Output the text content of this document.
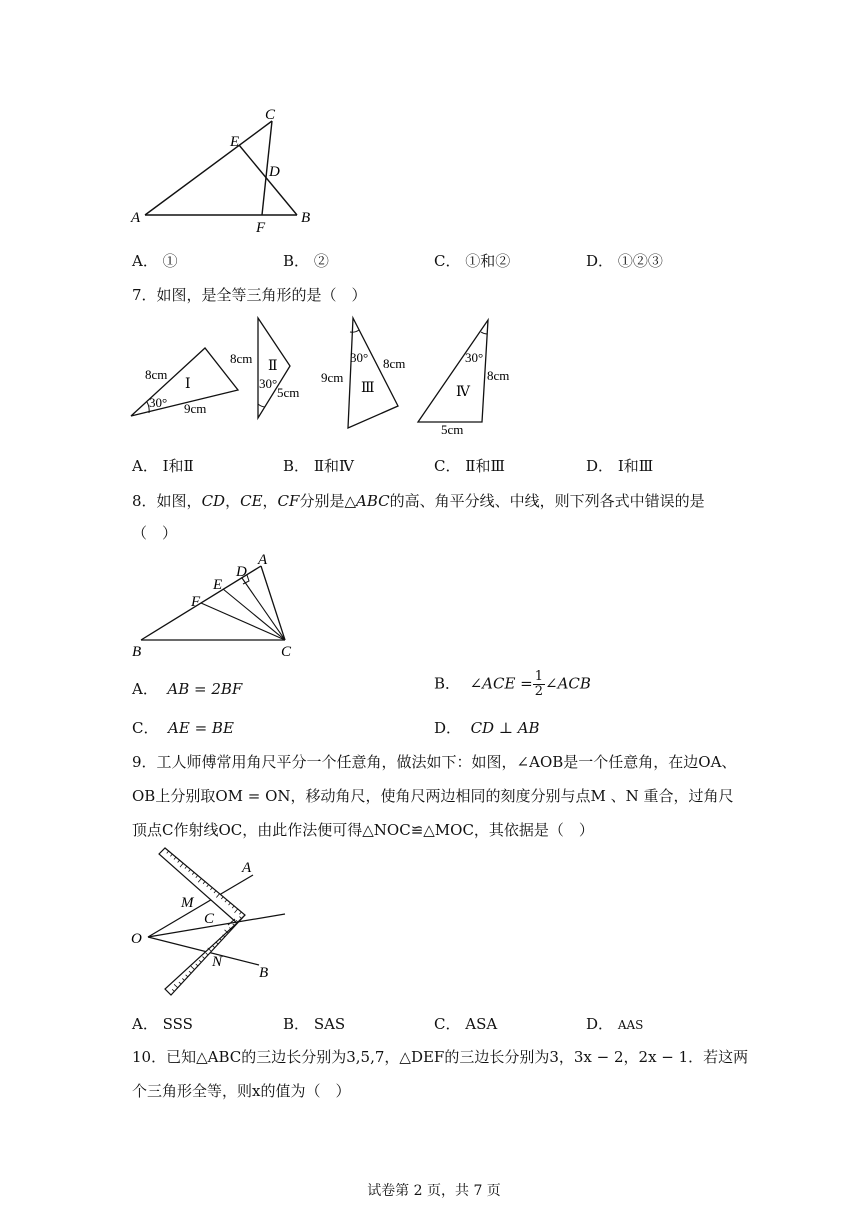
A	B
C
D
E
F
A． ①	B． ②	C． ①和②	D． ①②③
7．如图，是全等三角形的是（　）
Ⅰ
8cm
9cm
30°
Ⅱ
8cm
5cm
30°	Ⅲ
9cm
8cm
30°
Ⅳ
8cm
5cm
30°
A． Ⅰ和Ⅱ	B． Ⅱ和Ⅳ	C． Ⅱ和Ⅲ	D． Ⅰ和Ⅲ
8．如图，CD，CE，CF分别是△ABC的高、角平分线、中线，则下列各式中错误的是
（　）
A
B	C
D
E
F
A． AB = 2BF	B． ∠ACE = $\frac{1}{2}$ ∠ACB
C． AE = BE	D． CD ⊥ AB
9．工人师傅常用角尺平分一个任意角，做法如下：如图，∠AOB是一个任意角，在边OA、
OB上分别取OM = ON，移动角尺，使角尺两边相同的刻度分别与点M 、N 重合，过角尺
顶点C作射线OC，由此作法便可得△NOC≌△MOC，其依据是（　）
A
B
C
M
N
O
A． SSS	B． SAS	C． ASA	D． AAS
10．已知△ABC的三边长分别为3,5,7，△DEF的三边长分别为3，3x − 2，2x − 1．若这两
个三角形全等，则x的值为（　）
试卷第 2 页，共 7 页
